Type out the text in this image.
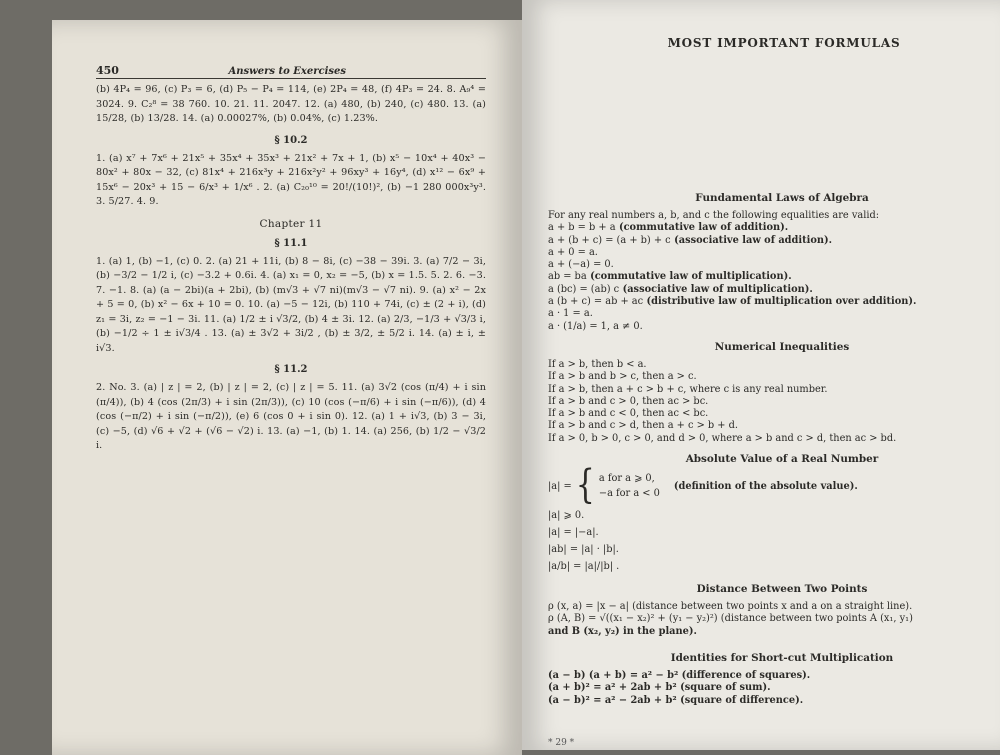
450	Answers to Exercises

(b) 4P₄ = 96, (c) P₃ = 6, (d) P₅ − P₄ = 114, (e) 2P₄ = 48, (f) 4P₃ = 24. 8. A₉⁴ = 3024. 9. C₂⁸ = 38 760. 10. 21. 11. 2047. 12. (a) 480, (b) 240, (c) 480. 13. (a) 15/28, (b) 13/28. 14. (a) 0.00027%, (b) 0.04%, (c) 1.23%.

§ 10.2

1. (a) x⁷ + 7x⁶ + 21x⁵ + 35x⁴ + 35x³ + 21x² + 7x + 1, (b) x⁵ − 10x⁴ + 40x³ − 80x² + 80x − 32, (c) 81x⁴ + 216x³y + 216x²y² + 96xy³ + 16y⁴, (d) x¹² − 6x⁹ + 15x⁶ − 20x³ + 15 − 6/x³ + 1/x⁶ . 2. (a) C₂₀¹⁰ = 20!/(10!)², (b) −1 280 000x³y³. 3. 5/27. 4. 9.

Chapter 11
§ 11.1

1. (a) 1, (b) −1, (c) 0. 2. (a) 21 + 11i, (b) 8 − 8i, (c) −38 − 39i. 3. (a) 7/2 − 3i, (b) −3/2 − 1/2 i, (c) −3.2 + 0.6i. 4. (a) x₁ = 0, x₂ = −5, (b) x = 1.5. 5. 2. 6. −3. 7. −1. 8. (a) (a − 2bi)(a + 2bi), (b) (m√3 + √7 ni)(m√3 − √7 ni). 9. (a) x² − 2x + 5 = 0, (b) x² − 6x + 10 = 0. 10. (a) −5 − 12i, (b) 110 + 74i, (c) ± (2 + i), (d) z₁ = 3i, z₂ = −1 − 3i. 11. (a) 1/2 ± i √3/2, (b) 4 ± 3i. 12. (a) 2/3, −1/3 + √3/3 i, (b) −1/2 ÷ 1 ± i√3/4 . 13. (a) ± 3√2 + 3i/2 , (b) ± 3/2, ± 5/2 i. 14. (a) ± i, ± i√3.

§ 11.2

2. No. 3. (a) | z | = 2, (b) | z | = 2, (c) | z | = 5. 11. (a) 3√2 (cos (π/4) + i sin (π/4)), (b) 4 (cos (2π/3) + i sin (2π/3)), (c) 10 (cos (−π/6) + i sin (−π/6)), (d) 4 (cos (−π/2) + i sin (−π/2)), (e) 6 (cos 0 + i sin 0). 12. (a) 1 + i√3, (b) 3 − 3i, (c) −5, (d) √6 + √2 + (√6 − √2) i. 13. (a) −1, (b) 1. 14. (a) 256, (b) 1/2 − √3/2 i.

MOST IMPORTANT FORMULAS
Fundamental Laws of Algebra

For any real numbers a, b, and c the following equalities are valid:

a + b = b + a (commutative law of addition).

a + (b + c) = (a + b) + c (associative law of addition).

a + 0 = a.

a + (−a) = 0.

ab = ba (commutative law of multiplication).

a (bc) = (ab) c (associative law of multiplication).

a (b + c) = ab + ac (distributive law of multiplication over addition).

a · 1 = a.

a · (1/a) = 1, a ≠ 0.

Numerical Inequalities

If a > b, then b < a.

If a > b and b > c, then a > c.

If a > b, then a + c > b + c, where c is any real number.

If a > b and c > 0, then ac > bc.

If a > b and c < 0, then ac < bc.

If a > b and c > d, then a + c > b + d.

If a > 0, b > 0, c > 0, and d > 0, where a > b and c > d, then ac > bd.

Absolute Value of a Real Number
|a| = { a for a ⩾ 0,
−a for a < 0
(definition of the absolute value).

|a| ⩾ 0.

|a| = |−a|.

|ab| = |a| · |b|.

|a/b| = |a|/|b| .

Distance Between Two Points

ρ (x, a) = |x − a| (distance between two points x and a on a straight line).

ρ (A, B) = √((x₁ − x₂)² + (y₁ − y₂)²) (distance between two points A (x₁, y₁)

and B (x₂, y₂) in the plane).

Identities for Short-cut Multiplication

(a − b) (a + b) = a² − b² (difference of squares).

(a + b)² = a² + 2ab + b² (square of sum).

(a − b)² = a² − 2ab + b² (square of difference).

* 29 *
